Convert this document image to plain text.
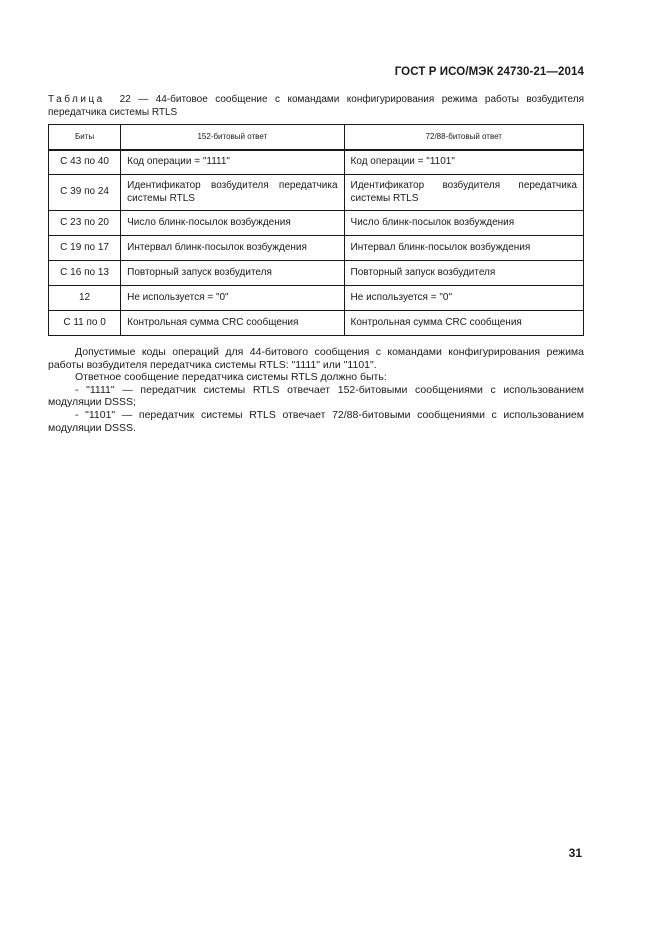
ГОСТ Р ИСО/МЭК 24730-21—2014
Таблица 22 — 44-битовое сообщение с командами конфигурирования режима работы возбудителя передатчика системы RTLS
Биты	152-битовый ответ	72/88-битовый ответ
С 43 по 40	Код операции = "1111"	Код операции = "1101"
С 39 по 24	Идентификатор возбудителя передатчика системы RTLS	Идентификатор возбудителя передатчика системы RTLS
С 23 по 20	Число блинк-посылок возбуждения	Число блинк-посылок возбуждения
С 19 по 17	Интервал блинк-посылок возбуждения	Интервал блинк-посылок возбуждения
С 16 по 13	Повторный запуск возбудителя	Повторный запуск возбудителя
12	Не используется = "0"	Не используется = "0"
С 11 по 0	Контрольная сумма CRC сообщения	Контрольная сумма CRC сообщения

Допустимые коды операций для 44-битового сообщения с командами конфигурирования режима работы возбудителя передатчика системы RTLS: "1111" или "1101".

Ответное сообщение передатчика системы RTLS должно быть:

- "1111" — передатчик системы RTLS отвечает 152-битовыми сообщениями с использованием модуляции DSSS;

- "1101" — передатчик системы RTLS отвечает 72/88-битовыми сообщениями с использованием модуляции DSSS.

31
